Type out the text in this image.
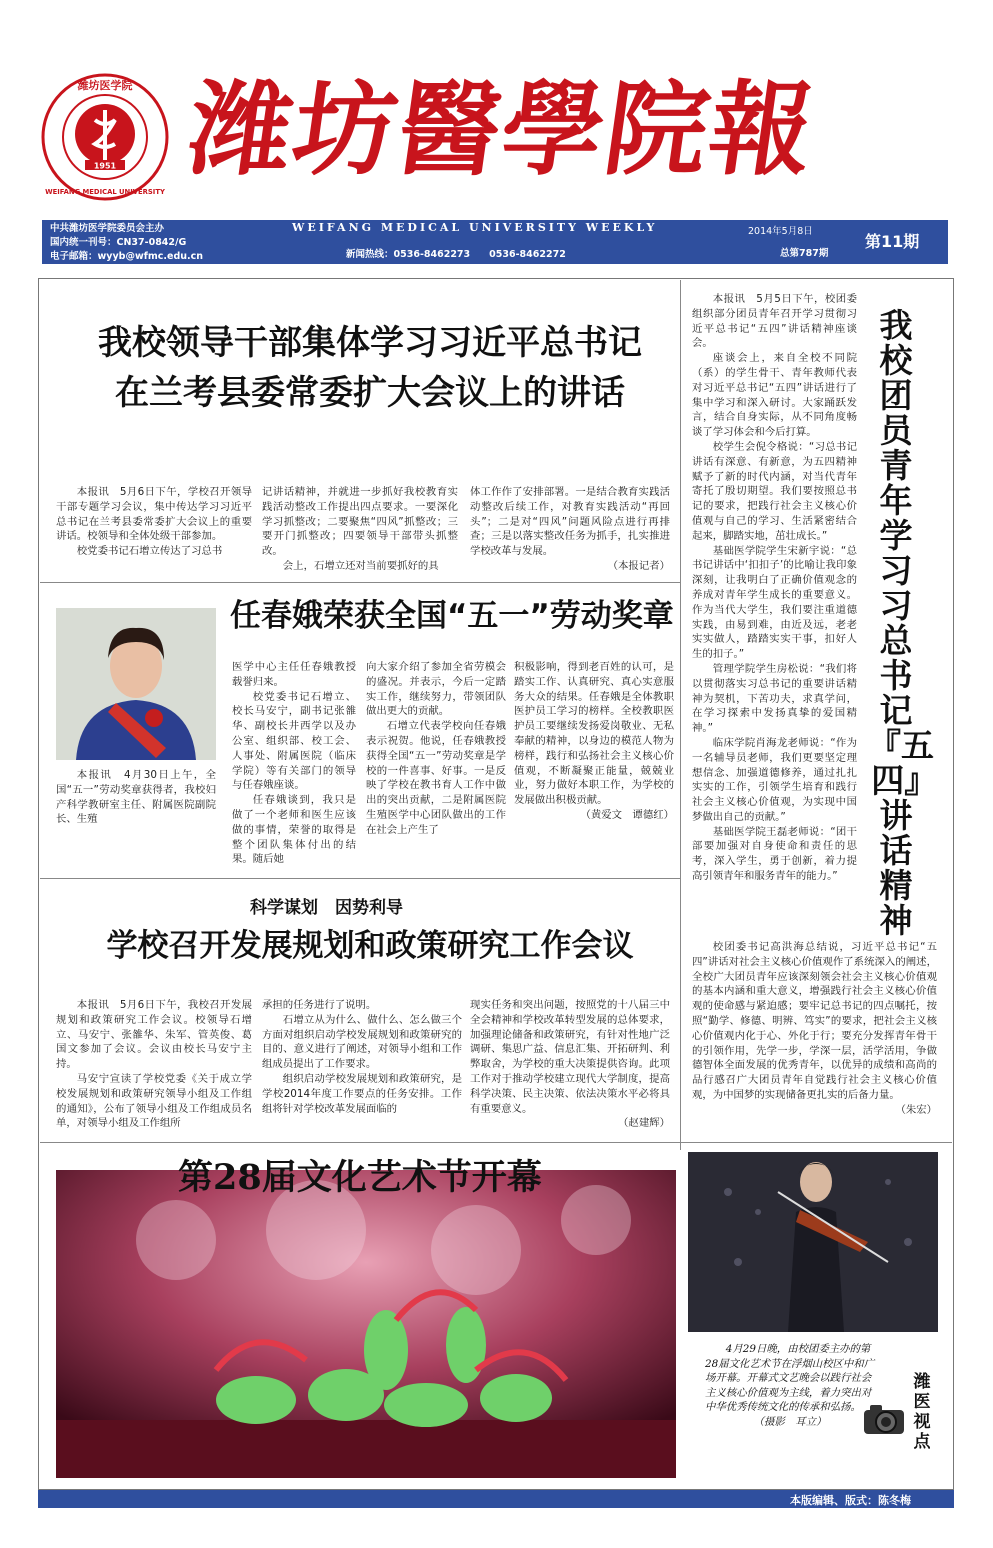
1951
潍坊医学院
WEIFANG MEDICAL UNIVERSITY
潍坊醫學院報
中共潍坊医学院委员会主办
国内统一刊号：CN37-0842/G
电子邮箱：wyyb@wfmc.edu.cn
WEIFANG MEDICAL UNIVERSITY WEEKLY
新闻热线：0536-8462273　　0536-8462272
2014年5月8日
总第787期
第11期
我校领导干部集体学习习近平总书记
在兰考县委常委扩大会议上的讲话

本报讯　5月6日下午，学校召开领导干部专题学习会议，集中传达学习习近平总书记在兰考县委常委扩大会议上的重要讲话。校领导和全体处级干部参加。

校党委书记石增立传达了习总书

记讲话精神，并就进一步抓好我校教育实践活动整改工作提出四点要求。一要深化学习抓整改；二要聚焦“四风”抓整改；三要开门抓整改；四要领导干部带头抓整改。

会上，石增立还对当前要抓好的具

体工作作了安排部署。一是结合教育实践活动整改后续工作，对教育实践活动“再回头”；二是对“四风”问题风险点进行再排查；三是以落实整改任务为抓手，扎实推进学校改革与发展。

（本报记者）

任春娥荣获全国“五一”劳动奖章

本报讯　4月30日上午，全国“五一”劳动奖章获得者，我校妇产科学教研室主任、附属医院副院长、生殖

医学中心主任任春娥教授载誉归来。

校党委书记石增立、校长马安宁，副书记张雒华、副校长井西学以及办公室、组织部、校工会、人事处、附属医院（临床学院）等有关部门的领导与任春娥座谈。

任春娥谈到，我只是做了一个老师和医生应该做的事情，荣誉的取得是整个团队集体付出的结果。随后她

向大家介绍了参加全省劳模会的盛况。并表示，今后一定踏实工作，继续努力，带领团队做出更大的贡献。

石增立代表学校向任春娥表示祝贺。他说，任春娥教授获得全国“五一”劳动奖章是学校的一件喜事、好事。一是反映了学校在教书育人工作中做出的突出贡献，二是附属医院生殖医学中心团队做出的工作在社会上产生了

积极影响，得到老百姓的认可，是踏实工作、认真研究、真心实意服务大众的结果。任春娥是全体教职医护员工学习的榜样。全校教职医护员工要继续发扬爱岗敬业、无私奉献的精神，以身边的模范人物为榜样，践行和弘扬社会主义核心价值观，不断凝聚正能量，兢兢业业，努力做好本职工作，为学校的发展做出积极贡献。

（黄爱文　谭德红）

科学谋划　因势利导
学校召开发展规划和政策研究工作会议

本报讯　5月6日下午，我校召开发展规划和政策研究工作会议。校领导石增立、马安宁、张雒华、朱军、管英俊、葛国文参加了会议。会议由校长马安宁主持。

马安宁宣读了学校党委《关于成立学校发展规划和政策研究领导小组及工作组的通知》，公布了领导小组及工作组成员名单，对领导小组及工作组所

承担的任务进行了说明。

石增立从为什么、做什么、怎么做三个方面对组织启动学校发展规划和政策研究的目的、意义进行了阐述，对领导小组和工作组成员提出了工作要求。

组织启动学校发展规划和政策研究，是学校2014年度工作要点的任务安排。工作组将针对学校改革发展面临的

现实任务和突出问题，按照党的十八届三中全会精神和学校改革转型发展的总体要求，加强理论储备和政策研究，有针对性地广泛调研、集思广益、信息汇集、开拓研判、利弊取舍，为学校的重大决策提供咨询。此项工作对于推动学校建立现代大学制度，提高科学决策、民主决策、依法决策水平必将具有重要意义。

（赵建辉）

我校团员青年学习习总书记『五四』讲话精神

本报讯　5月5日下午，校团委组织部分团员青年召开学习贯彻习近平总书记“五四”讲话精神座谈会。

座谈会上，来自全校不同院（系）的学生骨干、青年教师代表对习近平总书记“五四”讲话进行了集中学习和深入研讨。大家踊跃发言，结合自身实际，从不同角度畅谈了学习体会和今后打算。

校学生会倪令格说：“习总书记讲话有深意、有新意，为五四精神赋予了新的时代内涵，对当代青年寄托了殷切期望。我们要按照总书记的要求，把践行社会主义核心价值观与自己的学习、生活紧密结合起来，脚踏实地，茁壮成长。”

基础医学院学生宋新宇说：“总书记讲话中‘扣扣子’的比喻让我印象深刻，让我明白了正确价值观念的养成对青年学生成长的重要意义。作为当代大学生，我们要注重道德实践，由易到难，由近及远，老老实实做人，踏踏实实干事，扣好人生的扣子。”

管理学院学生房松说：“我们将以贯彻落实习总书记的重要讲话精神为契机，下苦功夫，求真学问，在学习探索中发扬真挚的爱国精神。”

临床学院肖海龙老师说：“作为一名辅导员老师，我们更要坚定理想信念、加强道德修养，通过扎扎实实的工作，引领学生培育和践行社会主义核心价值观，为实现中国梦做出自己的贡献。”

基础医学院王磊老师说：“团干部要加强对自身使命和责任的思考，深入学生，勇于创新，着力提高引领青年和服务青年的能力。”

校团委书记高洪海总结说，习近平总书记“五四”讲话对社会主义核心价值观作了系统深入的阐述，全校广大团员青年应该深刻领会社会主义核心价值观的基本内涵和重大意义，增强践行社会主义核心价值观的使命感与紧迫感；要牢记总书记的四点嘱托，按照“勤学、修德、明辨、笃实”的要求，把社会主义核心价值观内化于心、外化于行；要充分发挥青年骨干的引领作用，先学一步，学深一层，活学活用，争做德智体全面发展的优秀青年，以优异的成绩和高尚的品行感召广大团员青年自觉践行社会主义核心价值观，为中国梦的实现储备更扎实的后备力量。

（朱宏）

第28届文化艺术节开幕

4月29日晚，由校团委主办的第28届文化艺术节在浮烟山校区中和广场开幕。开幕式文艺晚会以践行社会主义核心价值观为主线，着力突出对中华优秀传统文化的传承和弘扬。

（摄影　耳立）

潍医视点
本版编辑、版式：陈冬梅
